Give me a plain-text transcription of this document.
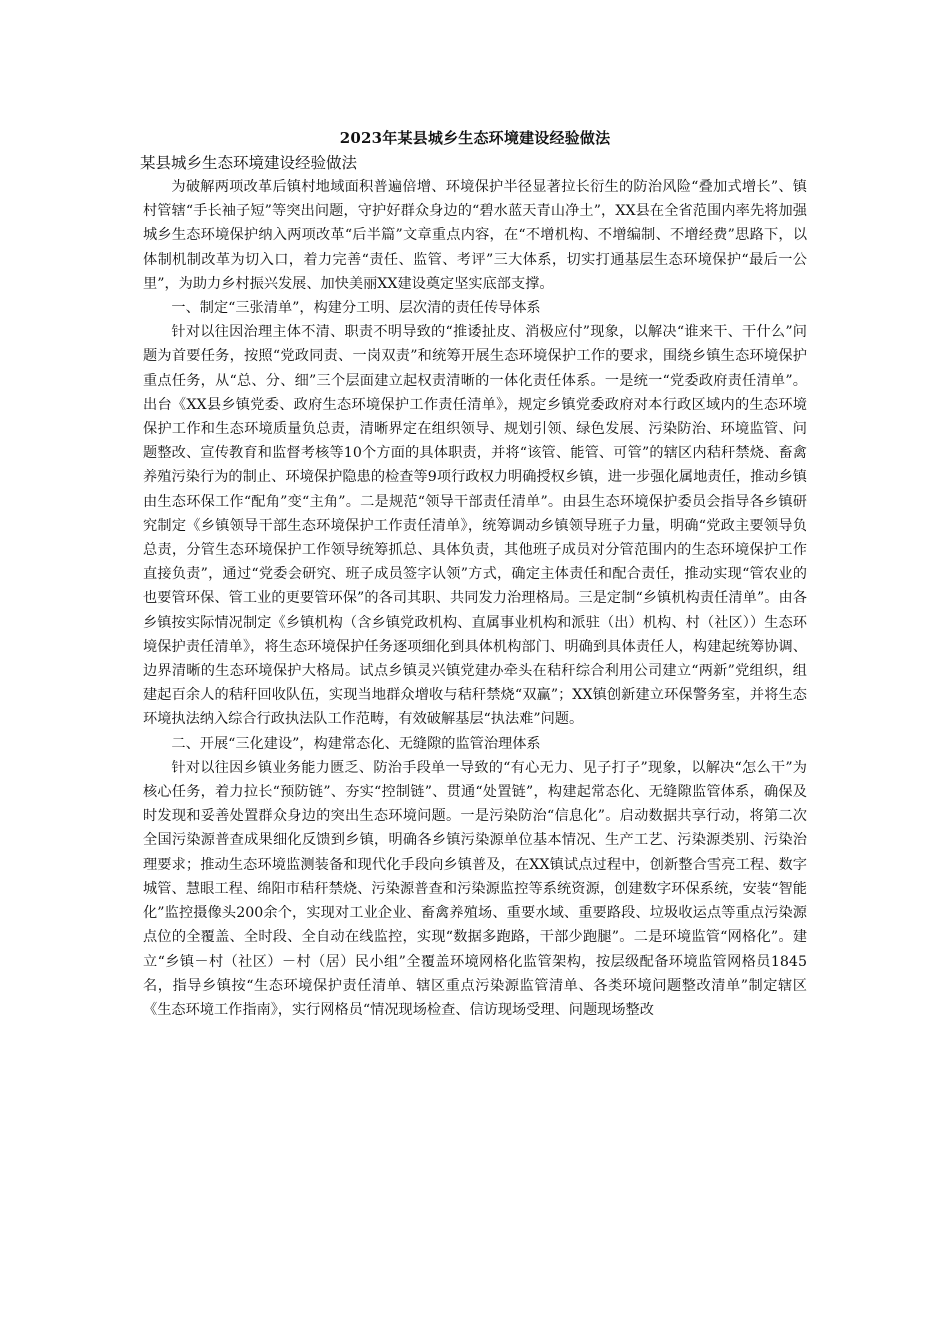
2023年某县城乡生态环境建设经验做法

某县城乡生态环境建设经验做法

为破解两项改革后镇村地域面积普遍倍增、环境保护半径显著拉长衍生的防治风险“叠加式增长”、镇村管辖“手长袖子短”等突出问题，守护好群众身边的“碧水蓝天青山净土”，XX县在全省范围内率先将加强城乡生态环境保护纳入两项改革“后半篇”文章重点内容，在“不增机构、不增编制、不增经费”思路下，以体制机制改革为切入口，着力完善“责任、监管、考评”三大体系，切实打通基层生态环境保护“最后一公里”，为助力乡村振兴发展、加快美丽XX建设奠定坚实底部支撑。

一、制定“三张清单”，构建分工明、层次清的责任传导体系

针对以往因治理主体不清、职责不明导致的“推诿扯皮、消极应付”现象，以解决“谁来干、干什么”问题为首要任务，按照“党政同责、一岗双责”和统筹开展生态环境保护工作的要求，围绕乡镇生态环境保护重点任务，从“总、分、细”三个层面建立起权责清晰的一体化责任体系。一是统一“党委政府责任清单”。出台《XX县乡镇党委、政府生态环境保护工作责任清单》，规定乡镇党委政府对本行政区域内的生态环境保护工作和生态环境质量负总责，清晰界定在组织领导、规划引领、绿色发展、污染防治、环境监管、问题整改、宣传教育和监督考核等10个方面的具体职责，并将“该管、能管、可管”的辖区内秸秆禁烧、畜禽养殖污染行为的制止、环境保护隐患的检查等9项行政权力明确授权乡镇，进一步强化属地责任，推动乡镇由生态环保工作“配角”变“主角”。二是规范“领导干部责任清单”。由县生态环境保护委员会指导各乡镇研究制定《乡镇领导干部生态环境保护工作责任清单》，统筹调动乡镇领导班子力量，明确“党政主要领导负总责，分管生态环境保护工作领导统筹抓总、具体负责，其他班子成员对分管范围内的生态环境保护工作直接负责”，通过“党委会研究、班子成员签字认领”方式，确定主体责任和配合责任，推动实现“管农业的也要管环保、管工业的更要管环保”的各司其职、共同发力治理格局。三是定制“乡镇机构责任清单”。由各乡镇按实际情况制定《乡镇机构（含乡镇党政机构、直属事业机构和派驻（出）机构、村（社区））生态环境保护责任清单》，将生态环境保护任务逐项细化到具体机构部门、明确到具体责任人，构建起统筹协调、边界清晰的生态环境保护大格局。试点乡镇灵兴镇党建办牵头在秸秆综合利用公司建立“两新”党组织，组建起百余人的秸秆回收队伍，实现当地群众增收与秸秆禁烧“双赢”；XX镇创新建立环保警务室，并将生态环境执法纳入综合行政执法队工作范畴，有效破解基层“执法难”问题。

二、开展“三化建设”，构建常态化、无缝隙的监管治理体系

针对以往因乡镇业务能力匮乏、防治手段单一导致的“有心无力、见子打子”现象，以解决“怎么干”为核心任务，着力拉长“预防链”、夯实“控制链”、贯通“处置链”，构建起常态化、无缝隙监管体系，确保及时发现和妥善处置群众身边的突出生态环境问题。一是污染防治“信息化”。启动数据共享行动，将第二次全国污染源普查成果细化反馈到乡镇，明确各乡镇污染源单位基本情况、生产工艺、污染源类别、污染治理要求；推动生态环境监测装备和现代化手段向乡镇普及，在XX镇试点过程中，创新整合雪亮工程、数字城管、慧眼工程、绵阳市秸秆禁烧、污染源普查和污染源监控等系统资源，创建数字环保系统，安装“智能化”监控摄像头200余个，实现对工业企业、畜禽养殖场、重要水域、重要路段、垃圾收运点等重点污染源点位的全覆盖、全时段、全自动在线监控，实现“数据多跑路，干部少跑腿”。二是环境监管“网格化”。建立“乡镇－村（社区）－村（居）民小组”全覆盖环境网格化监管架构，按层级配备环境监管网格员1845名，指导乡镇按“生态环境保护责任清单、辖区重点污染源监管清单、各类环境问题整改清单”制定辖区《生态环境工作指南》，实行网格员“情况现场检查、信访现场受理、问题现场整改
